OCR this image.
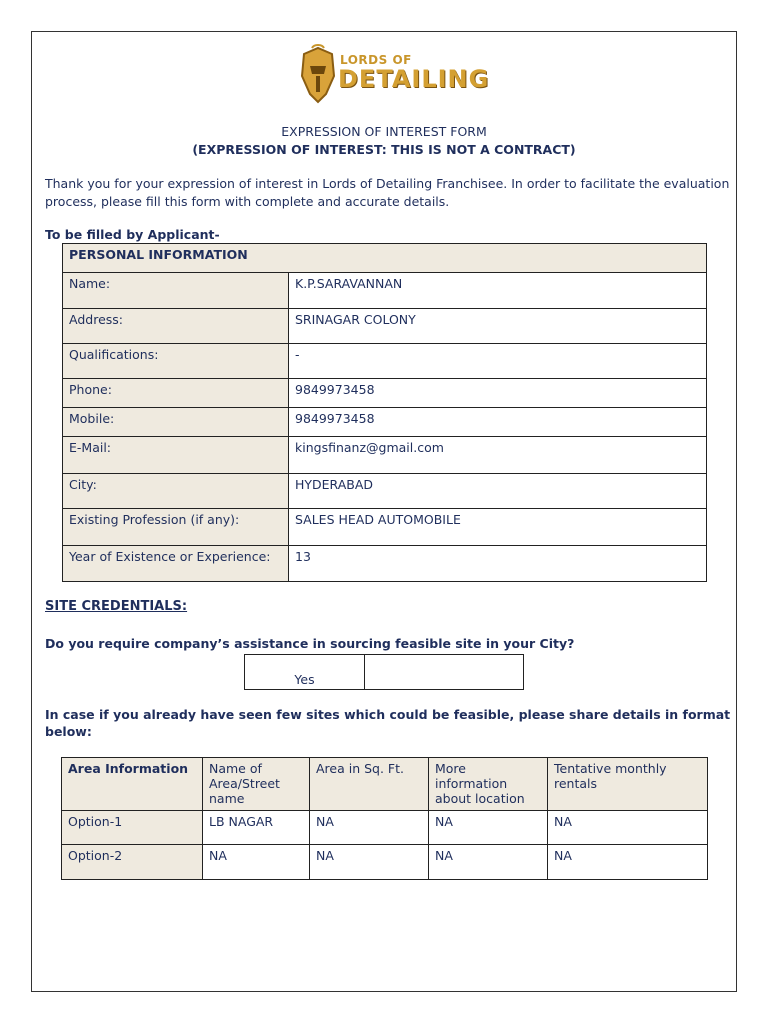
LORDS OF
DETAILING
EXPRESSION OF INTEREST FORM
(EXPRESSION OF INTEREST: THIS IS NOT A CONTRACT)
Thank you for your expression of interest in Lords of Detailing Franchisee. In order to facilitate the evaluation process, please fill this form with complete and accurate details.
To be filled by Applicant-
PERSONAL INFORMATION	
Name:	K.P.SARAVANNAN
Address:	SRINAGAR COLONY
Qualifications:	-
Phone:	9849973458
Mobile:	9849973458
E-Mail:	kingsfinanz@gmail.com
City:	HYDERABAD
Existing Profession (if any):	SALES HEAD AUTOMOBILE
Year of Existence or Experience:	13
SITE CREDENTIALS:
Do you require company’s assistance in sourcing feasible site in your City?
Yes	
In case if you already have seen few sites which could be feasible, please share details in format below:
Area Information	Name of Area/Street name	Area in Sq. Ft.	More information about location	Tentative monthly rentals
Option-1	LB NAGAR	NA	NA	NA
Option-2	NA	NA	NA	NA
